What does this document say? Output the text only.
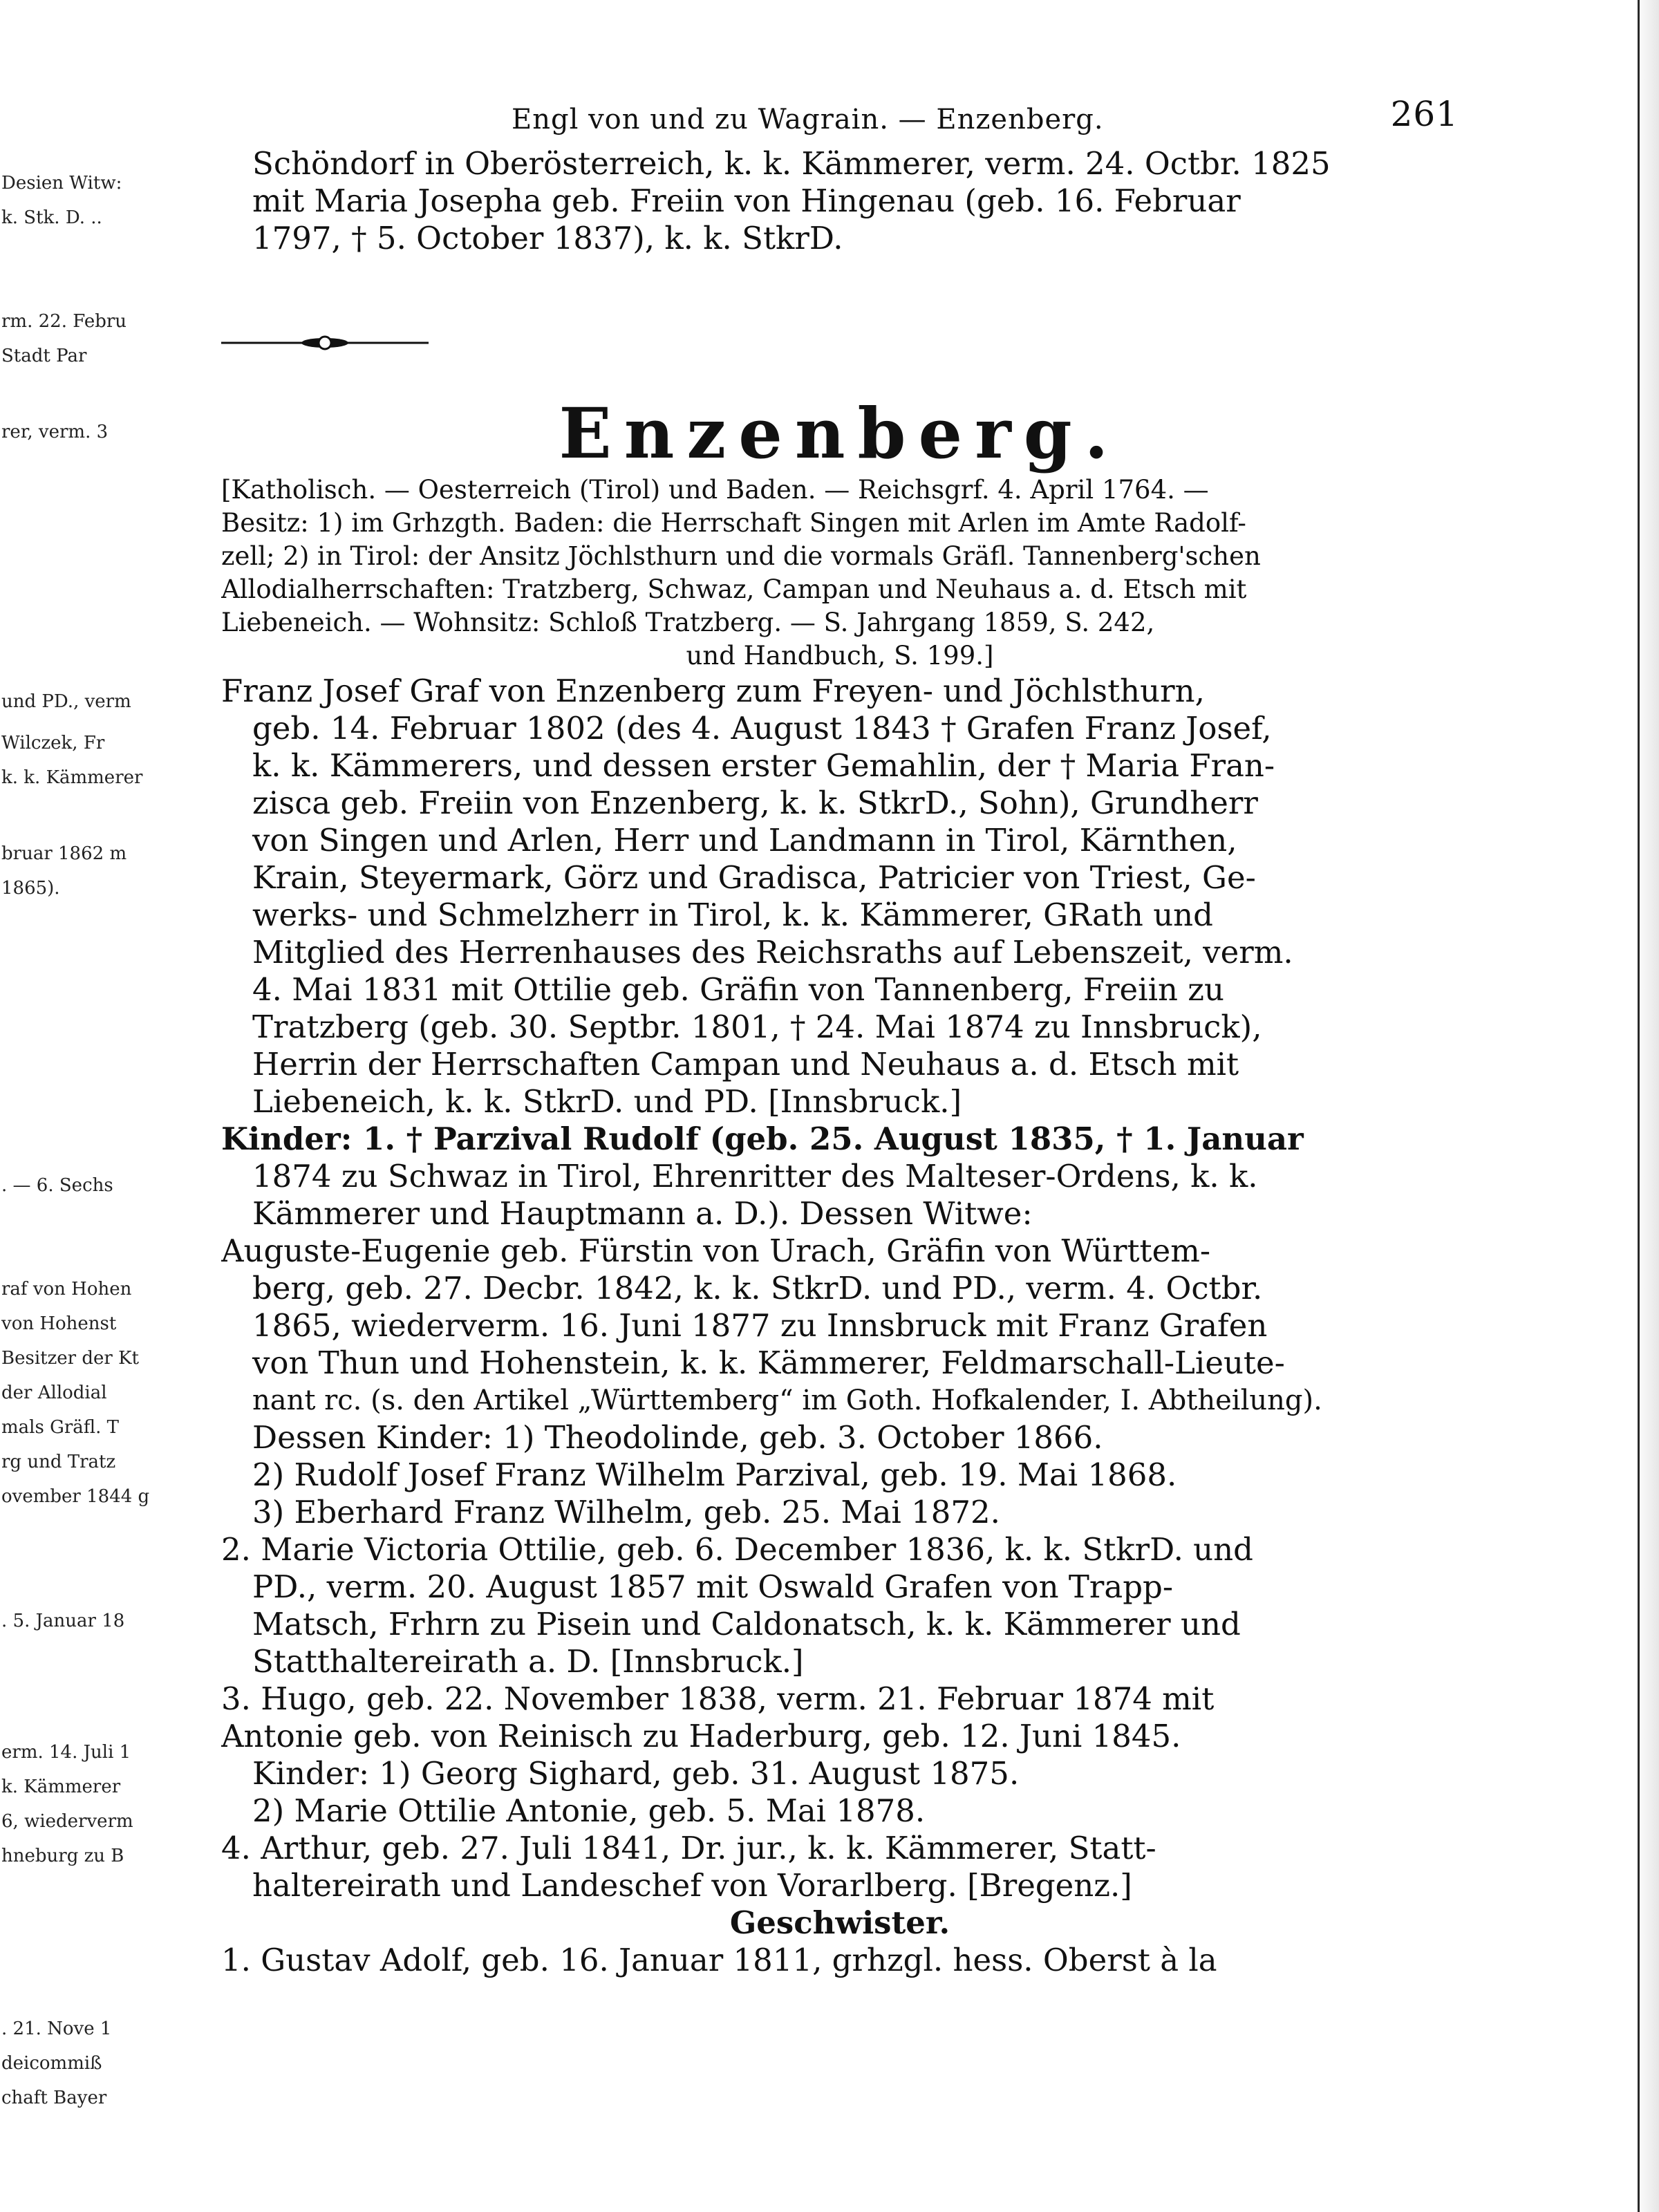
Desien Witw:
k. Stk. D. ..
rm. 22. Febru
Stadt Par
rer, verm. 3
und PD., verm
Wilczek, Fr
k. k. Kämmerer
bruar 1862 m
1865).
. — 6. Sechs
raf von Hohen
von Hohenst
Besitzer der Kt
der Allodial
mals Gräfl. T
rg und Tratz
ovember 1844 g
. 5. Januar 18
erm. 14. Juli 1
k. Kämmerer
6, wiederverm
hneburg zu B
. 21. Nove 1
deicommiß
chaft Bayer
Engl von und zu Wagrain. — Enzenberg.	261
Schöndorf in Oberösterreich, k. k. Kämmerer, verm. 24. Octbr. 1825
mit Maria Josepha geb. Freiin von Hingenau (geb. 16. Februar
1797, † 5. October 1837), k. k. StkrD.
Enzenberg.
[Katholisch. — Oesterreich (Tirol) und Baden. — Reichsgrf. 4. April 1764. —
Besitz: 1) im Grhzgth. Baden: die Herrschaft Singen mit Arlen im Amte Radolf-
zell; 2) in Tirol: der Ansitz Jöchlsthurn und die vormals Gräfl. Tannenberg'schen
Allodialherrschaften: Tratzberg, Schwaz, Campan und Neuhaus a. d. Etsch mit
Liebeneich. — Wohnsitz: Schloß Tratzberg. — S. Jahrgang 1859, S. 242,
und Handbuch, S. 199.]
Franz Josef Graf von Enzenberg zum Freyen- und Jöchlsthurn,
geb. 14. Februar 1802 (des 4. August 1843 † Grafen Franz Josef,
k. k. Kämmerers, und dessen erster Gemahlin, der † Maria Fran-
zisca geb. Freiin von Enzenberg, k. k. StkrD., Sohn), Grundherr
von Singen und Arlen, Herr und Landmann in Tirol, Kärnthen,
Krain, Steyermark, Görz und Gradisca, Patricier von Triest, Ge-
werks- und Schmelzherr in Tirol, k. k. Kämmerer, GRath und
Mitglied des Herrenhauses des Reichsraths auf Lebenszeit, verm.
4. Mai 1831 mit Ottilie geb. Gräfin von Tannenberg, Freiin zu
Tratzberg (geb. 30. Septbr. 1801, † 24. Mai 1874 zu Innsbruck),
Herrin der Herrschaften Campan und Neuhaus a. d. Etsch mit
Liebeneich, k. k. StkrD. und PD. [Innsbruck.]
Kinder: 1. † Parzival Rudolf (geb. 25. August 1835, † 1. Januar
1874 zu Schwaz in Tirol, Ehrenritter des Malteser-Ordens, k. k.
Kämmerer und Hauptmann a. D.). Dessen Witwe:
Auguste-Eugenie geb. Fürstin von Urach, Gräfin von Württem-
berg, geb. 27. Decbr. 1842, k. k. StkrD. und PD., verm. 4. Octbr.
1865, wiederverm. 16. Juni 1877 zu Innsbruck mit Franz Grafen
von Thun und Hohenstein, k. k. Kämmerer, Feldmarschall-Lieute-
nant rc. (s. den Artikel „Württemberg“ im Goth. Hofkalender, I. Abtheilung).
Dessen Kinder: 1) Theodolinde, geb. 3. October 1866.
2) Rudolf Josef Franz Wilhelm Parzival, geb. 19. Mai 1868.
3) Eberhard Franz Wilhelm, geb. 25. Mai 1872.
2. Marie Victoria Ottilie, geb. 6. December 1836, k. k. StkrD. und
PD., verm. 20. August 1857 mit Oswald Grafen von Trapp-
Matsch, Frhrn zu Pisein und Caldonatsch, k. k. Kämmerer und
Statthaltereirath a. D. [Innsbruck.]
3. Hugo, geb. 22. November 1838, verm. 21. Februar 1874 mit
Antonie geb. von Reinisch zu Haderburg, geb. 12. Juni 1845.
Kinder: 1) Georg Sighard, geb. 31. August 1875.
2) Marie Ottilie Antonie, geb. 5. Mai 1878.
4. Arthur, geb. 27. Juli 1841, Dr. jur., k. k. Kämmerer, Statt-
haltereirath und Landeschef von Vorarlberg. [Bregenz.]
Geschwister.
1. Gustav Adolf, geb. 16. Januar 1811, grhzgl. hess. Oberst à la
